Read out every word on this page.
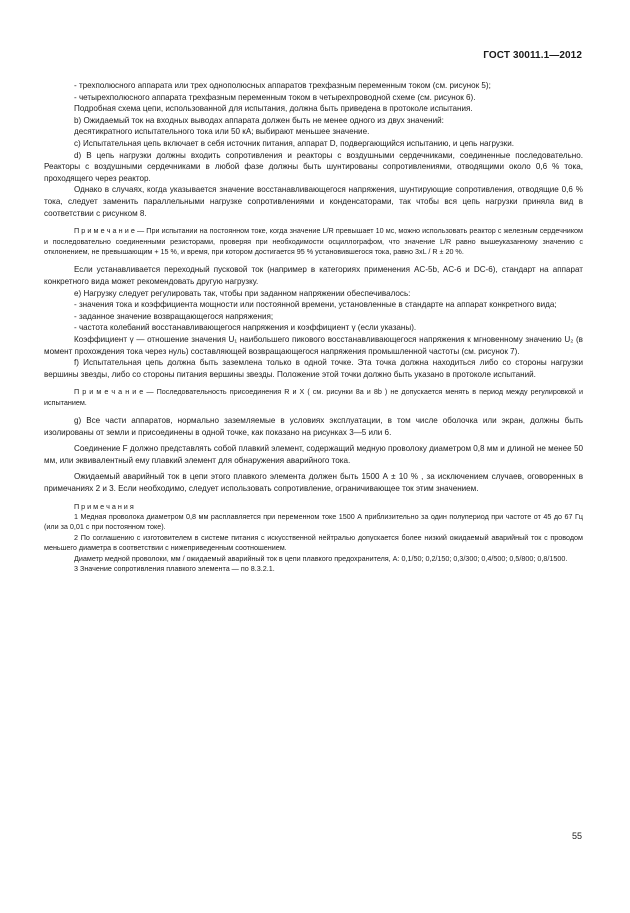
ГОСТ 30011.1—2012

- трехполюсного аппарата или трех однополюсных аппаратов трехфазным переменным током (см. рисунок 5);

- четырехполюсного аппарата трехфазным переменным током в четырехпроводной схеме (см. рисунок 6).

Подробная схема цепи, использованной для испытания, должна быть приведена в протоколе испытания.

b) Ожидаемый ток на входных выводах аппарата должен быть не менее одного из двух значений:

десятикратного испытательного тока или 50 кА; выбирают меньшее значение.

c) Испытательная цепь включает в себя источник питания, аппарат D, подвергающийся испытанию, и цепь нагрузки.

d) В цепь нагрузки должны входить сопротивления и реакторы с воздушными сердечниками, соединенные последовательно. Реакторы с воздушными сердечниками в любой фазе должны быть шунтированы сопротивлениями, отводящими около 0,6 % тока, проходящего через реактор.

Однако в случаях, когда указывается значение восстанавливающегося напряжения, шунтирующие сопротивления, отводящие 0,6 % тока, следует заменить параллельными нагрузке сопротивлениями и конденсаторами, так чтобы вся цепь нагрузки приняла вид в соответствии с рисунком 8.

П р и м е ч а н и е — При испытании на постоянном токе, когда значение L/R превышает 10 мс, можно использовать реактор с железным сердечником и последовательно соединенными резисторами, проверяя при необходимости осциллографом, что значение L/R равно вышеуказанному значению с отклонением, не превышающим + 15 %, и время, при котором достигается 95 % установившегося тока, равно 3xL / R ± 20 %.

Если устанавливается переходный пусковой ток (например в категориях применения AC-5b, AC-6 и DC-6), стандарт на аппарат конкретного вида может рекомендовать другую нагрузку.

e) Нагрузку следует регулировать так, чтобы при заданном напряжении обеспечивалось:

- значения тока и коэффициента мощности или постоянной времени, установленные в стандарте на аппарат конкретного вида;

- заданное значение возвращающегося напряжения;

- частота колебаний восстанавливающегося напряжения и коэффициент γ (если указаны).

Коэффициент γ — отношение значения U₁ наибольшего пикового восстанавливающегося напряжения к мгновенному значению U₂ (в момент прохождения тока через нуль) составляющей возвращающегося напряжения промышленной частоты (см. рисунок 7).

f) Испытательная цепь должна быть заземлена только в одной точке. Эта точка должна находиться либо со стороны нагрузки вершины звезды, либо со стороны питания вершины звезды. Положение этой точки должно быть указано в протоколе испытаний.

П р и м е ч а н и е — Последовательность присоединения R и X ( см. рисунки 8а и 8b ) не допускается менять в период между регулировкой и испытанием.

g) Все части аппаратов, нормально заземляемые в условиях эксплуатации, в том числе оболочка или экран, должны быть изолированы от земли и присоединены в одной точке, как показано на рисунках 3—5 или 6.

Соединение F должно представлять собой плавкий элемент, содержащий медную проволоку диаметром 0,8 мм и длиной не менее 50 мм, или эквивалентный ему плавкий элемент для обнаружения аварийного тока.

Ожидаемый аварийный ток в цепи этого плавкого элемента должен быть 1500 А ± 10 % , за исключением случаев, оговоренных в примечаниях 2 и 3. Если необходимо, следует использовать сопротивление, ограничивающее ток этим значением.

П р и м е ч а н и я

1 Медная проволока диаметром 0,8 мм расплавляется при переменном токе 1500 А приблизительно за один полупериод при частоте от 45 до 67 Гц (или за 0,01 с при постоянном токе).

2 По соглашению с изготовителем в системе питания с искусственной нейтралью допускается более низкий ожидаемый аварийный ток с проводом меньшего диаметра в соответствии с нижеприведенным соотношением.

Диаметр медной проволоки, мм / ожидаемый аварийный ток в цепи плавкого предохранителя, А: 0,1/50; 0,2/150; 0,3/300; 0,4/500; 0,5/800; 0,8/1500.

3 Значение сопротивления плавкого элемента — по 8.3.2.1.

55
